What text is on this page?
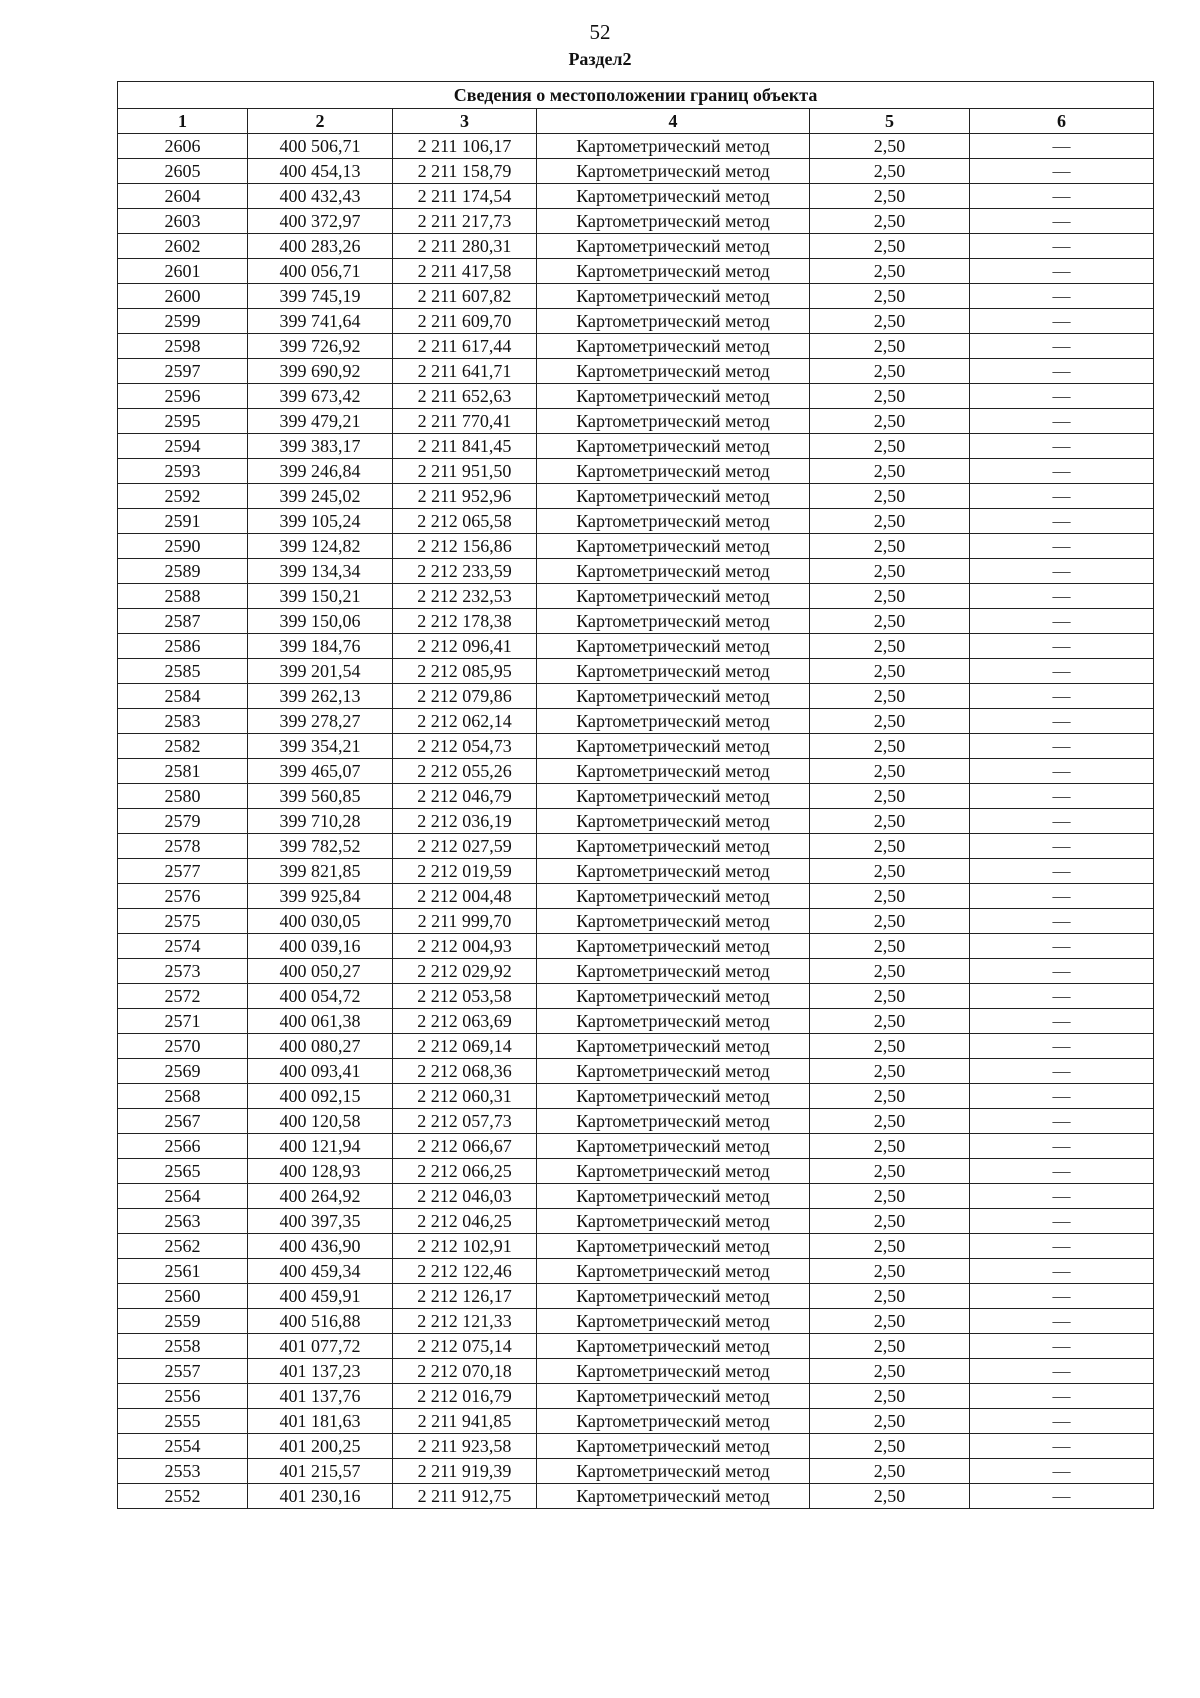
52
Раздел2
Сведения о местоположении границ объекта					
1	2	3	4	5	6
2606	400 506,71	2 211 106,17	Картометрический метод	2,50	—
2605	400 454,13	2 211 158,79	Картометрический метод	2,50	—
2604	400 432,43	2 211 174,54	Картометрический метод	2,50	—
2603	400 372,97	2 211 217,73	Картометрический метод	2,50	—
2602	400 283,26	2 211 280,31	Картометрический метод	2,50	—
2601	400 056,71	2 211 417,58	Картометрический метод	2,50	—
2600	399 745,19	2 211 607,82	Картометрический метод	2,50	—
2599	399 741,64	2 211 609,70	Картометрический метод	2,50	—
2598	399 726,92	2 211 617,44	Картометрический метод	2,50	—
2597	399 690,92	2 211 641,71	Картометрический метод	2,50	—
2596	399 673,42	2 211 652,63	Картометрический метод	2,50	—
2595	399 479,21	2 211 770,41	Картометрический метод	2,50	—
2594	399 383,17	2 211 841,45	Картометрический метод	2,50	—
2593	399 246,84	2 211 951,50	Картометрический метод	2,50	—
2592	399 245,02	2 211 952,96	Картометрический метод	2,50	—
2591	399 105,24	2 212 065,58	Картометрический метод	2,50	—
2590	399 124,82	2 212 156,86	Картометрический метод	2,50	—
2589	399 134,34	2 212 233,59	Картометрический метод	2,50	—
2588	399 150,21	2 212 232,53	Картометрический метод	2,50	—
2587	399 150,06	2 212 178,38	Картометрический метод	2,50	—
2586	399 184,76	2 212 096,41	Картометрический метод	2,50	—
2585	399 201,54	2 212 085,95	Картометрический метод	2,50	—
2584	399 262,13	2 212 079,86	Картометрический метод	2,50	—
2583	399 278,27	2 212 062,14	Картометрический метод	2,50	—
2582	399 354,21	2 212 054,73	Картометрический метод	2,50	—
2581	399 465,07	2 212 055,26	Картометрический метод	2,50	—
2580	399 560,85	2 212 046,79	Картометрический метод	2,50	—
2579	399 710,28	2 212 036,19	Картометрический метод	2,50	—
2578	399 782,52	2 212 027,59	Картометрический метод	2,50	—
2577	399 821,85	2 212 019,59	Картометрический метод	2,50	—
2576	399 925,84	2 212 004,48	Картометрический метод	2,50	—
2575	400 030,05	2 211 999,70	Картометрический метод	2,50	—
2574	400 039,16	2 212 004,93	Картометрический метод	2,50	—
2573	400 050,27	2 212 029,92	Картометрический метод	2,50	—
2572	400 054,72	2 212 053,58	Картометрический метод	2,50	—
2571	400 061,38	2 212 063,69	Картометрический метод	2,50	—
2570	400 080,27	2 212 069,14	Картометрический метод	2,50	—
2569	400 093,41	2 212 068,36	Картометрический метод	2,50	—
2568	400 092,15	2 212 060,31	Картометрический метод	2,50	—
2567	400 120,58	2 212 057,73	Картометрический метод	2,50	—
2566	400 121,94	2 212 066,67	Картометрический метод	2,50	—
2565	400 128,93	2 212 066,25	Картометрический метод	2,50	—
2564	400 264,92	2 212 046,03	Картометрический метод	2,50	—
2563	400 397,35	2 212 046,25	Картометрический метод	2,50	—
2562	400 436,90	2 212 102,91	Картометрический метод	2,50	—
2561	400 459,34	2 212 122,46	Картометрический метод	2,50	—
2560	400 459,91	2 212 126,17	Картометрический метод	2,50	—
2559	400 516,88	2 212 121,33	Картометрический метод	2,50	—
2558	401 077,72	2 212 075,14	Картометрический метод	2,50	—
2557	401 137,23	2 212 070,18	Картометрический метод	2,50	—
2556	401 137,76	2 212 016,79	Картометрический метод	2,50	—
2555	401 181,63	2 211 941,85	Картометрический метод	2,50	—
2554	401 200,25	2 211 923,58	Картометрический метод	2,50	—
2553	401 215,57	2 211 919,39	Картометрический метод	2,50	—
2552	401 230,16	2 211 912,75	Картометрический метод	2,50	—
